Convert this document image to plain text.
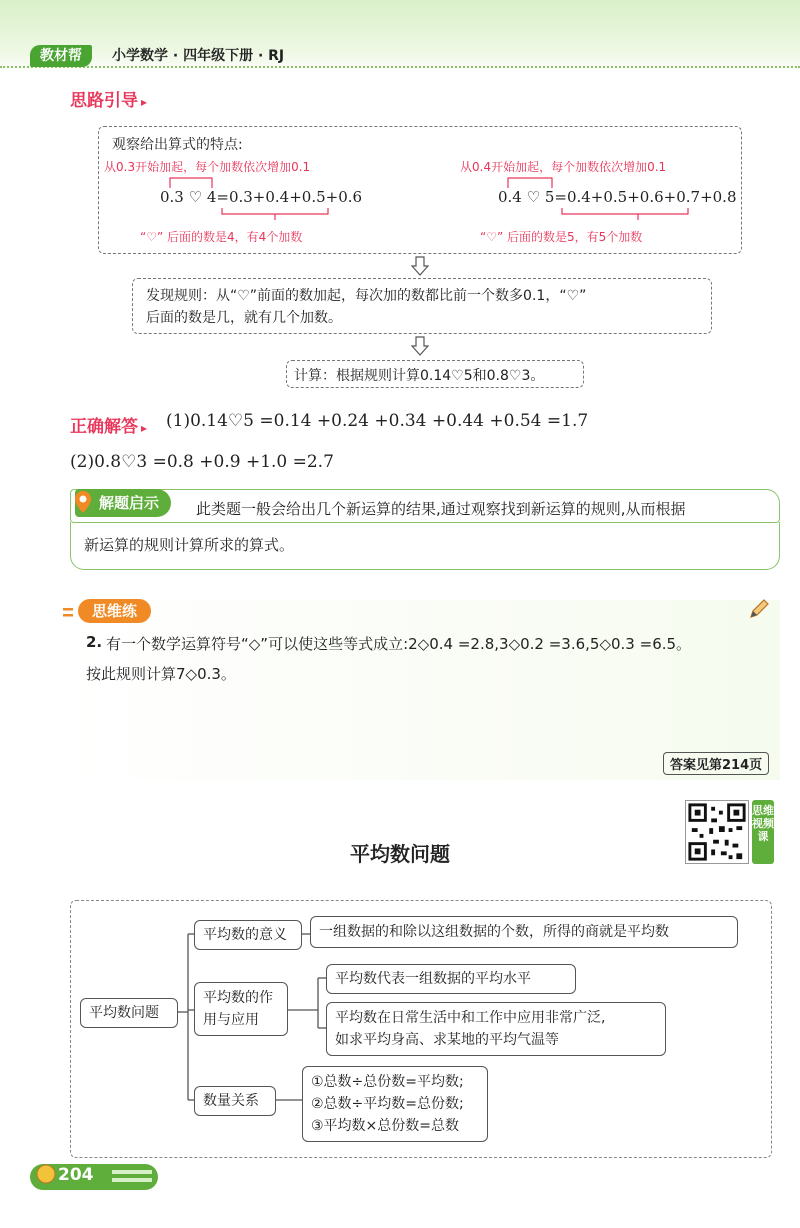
教材帮	小学数学 · 四年级下册 · RJ
思路引导 ▸
观察给出算式的特点:
从0.3开始加起，每个加数依次增加0.1
0.3 ♡ 4=0.3+0.4+0.5+0.6
“♡” 后面的数是4，有4个加数
从0.4开始加起，每个加数依次增加0.1
0.4 ♡ 5=0.4+0.5+0.6+0.7+0.8
“♡” 后面的数是5，有5个加数
发现规则：从“♡”前面的数加起，每次加的数都比前一个数多0.1，“♡”
后面的数是几，就有几个加数。
计算：根据规则计算0.14♡5和0.8♡3。
正确解答 ▸ (1)0.14♡5 =0.14 +0.24 +0.34 +0.44 +0.54 =1.7
(2)0.8♡3 =0.8 +0.9 +1.0 =2.7
解题启示	此类题一般会给出几个新运算的结果,通过观察找到新运算的规则,从而根据
新运算的规则计算所求的算式。
思维练
2. 有一个数学运算符号“◇”可以使这些等式成立:2◇0.4 =2.8,3◇0.2 =3.6,5◇0.3 =6.5。
按此规则计算7◇0.3。
答案见第214页
思维视频课
平均数问题
平均数问题
平均数的意义	一组数据的和除以这组数据的个数，所得的商就是平均数
平均数的作
用与应用
平均数代表一组数据的平均水平
平均数在日常生活中和工作中应用非常广泛,
如求平均身高、求某地的平均气温等
数量关系
①总数÷总份数=平均数;
②总数÷平均数=总份数;
③平均数×总份数=总数
204
